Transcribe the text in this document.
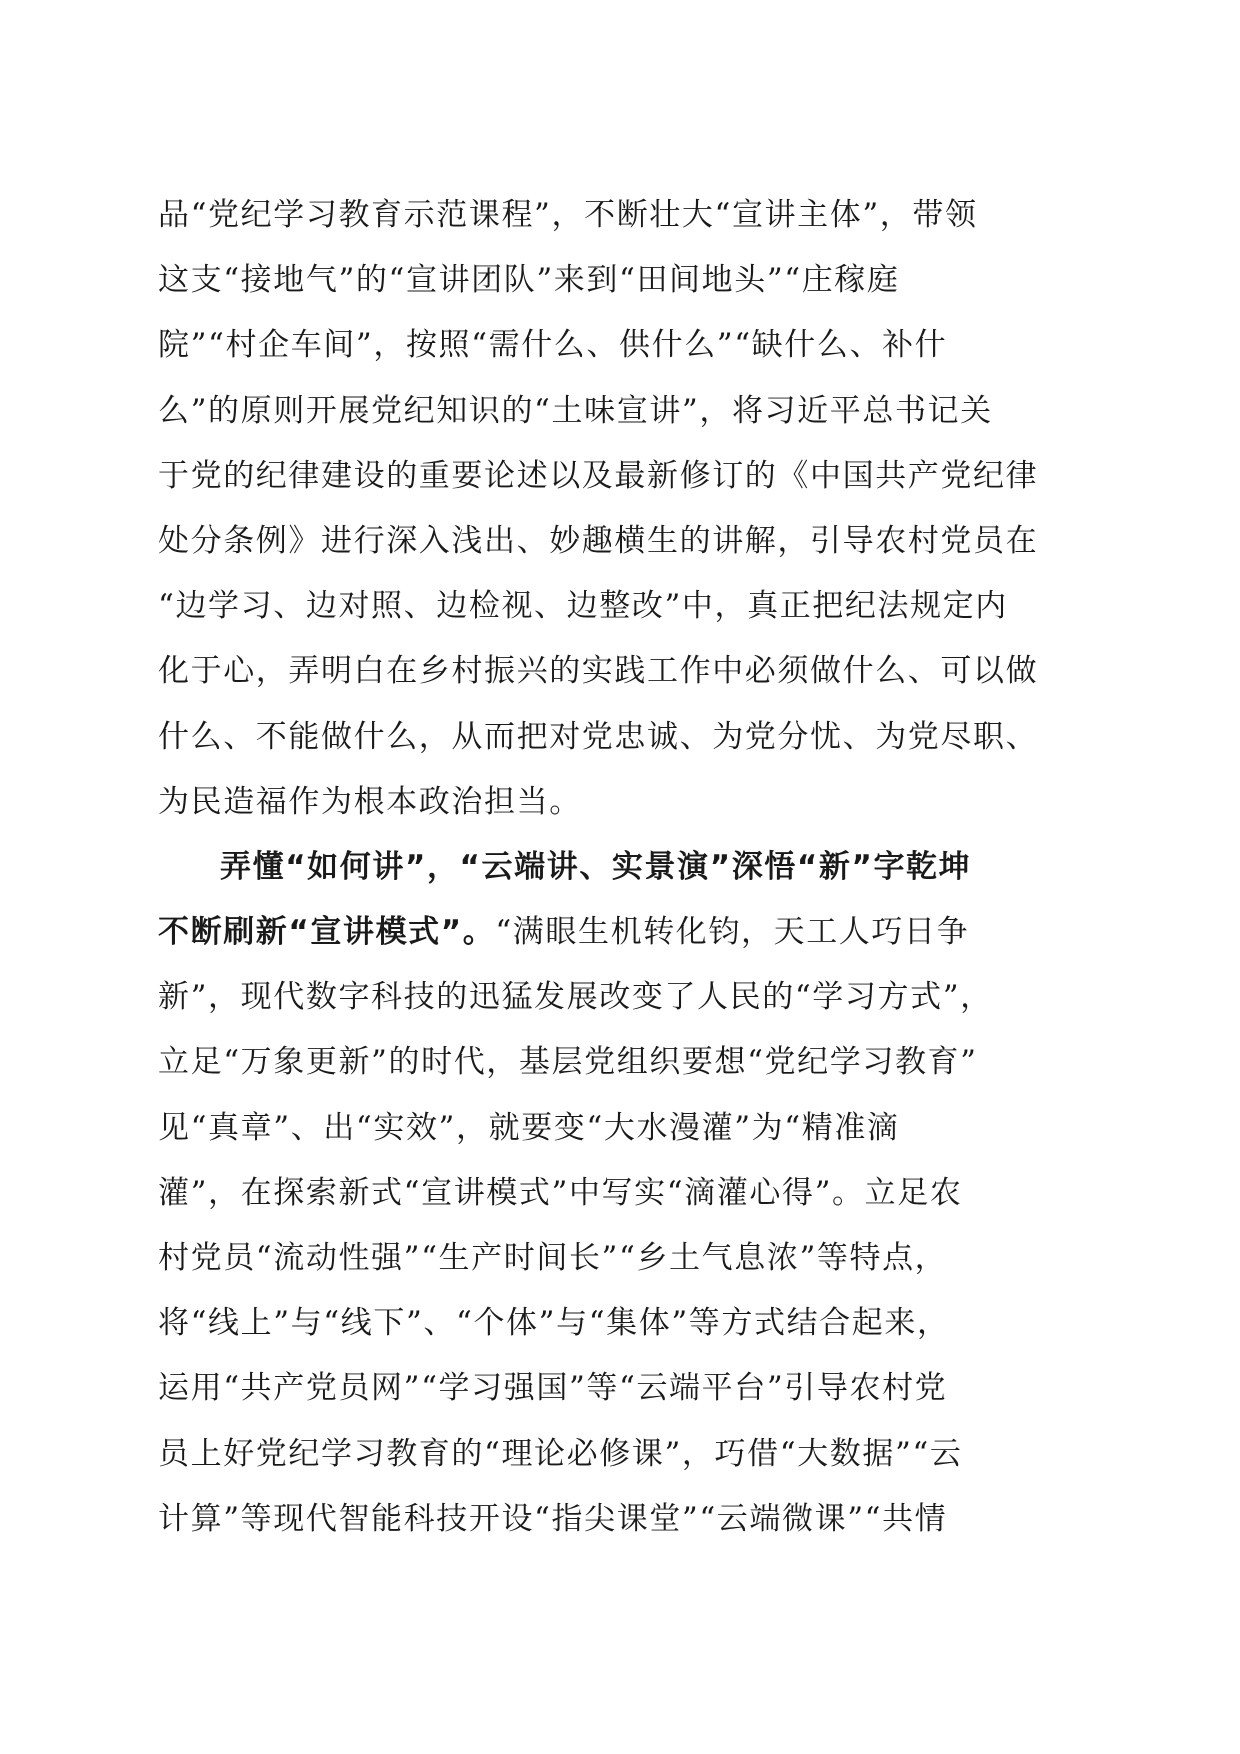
品“党纪学习教育示范课程”，不断壮大“宣讲主体”，带领
这支“接地气”的“宣讲团队”来到“田间地头”“庄稼庭
院”“村企车间”，按照“需什么、供什么”“缺什么、补什
么”的原则开展党纪知识的“土味宣讲”，将习近平总书记关
于党的纪律建设的重要论述以及最新修订的《中国共产党纪律
处分条例》进行深入浅出、妙趣横生的讲解，引导农村党员在
“边学习、边对照、边检视、边整改”中，真正把纪法规定内
化于心，弄明白在乡村振兴的实践工作中必须做什么、可以做
什么、不能做什么，从而把对党忠诚、为党分忧、为党尽职、
为民造福作为根本政治担当。
弄懂“如何讲”，“云端讲、实景演”深悟“新”字乾坤
不断刷新“宣讲模式”。“满眼生机转化钧，天工人巧日争
新”，现代数字科技的迅猛发展改变了人民的“学习方式”，
立足“万象更新”的时代，基层党组织要想“党纪学习教育”
见“真章”、出“实效”，就要变“大水漫灌”为“精准滴
灌”，在探索新式“宣讲模式”中写实“滴灌心得”。立足农
村党员“流动性强”“生产时间长”“乡土气息浓”等特点，
将“线上”与“线下”、“个体”与“集体”等方式结合起来，
运用“共产党员网”“学习强国”等“云端平台”引导农村党
员上好党纪学习教育的“理论必修课”，巧借“大数据”“云
计算”等现代智能科技开设“指尖课堂”“云端微课”“共情
